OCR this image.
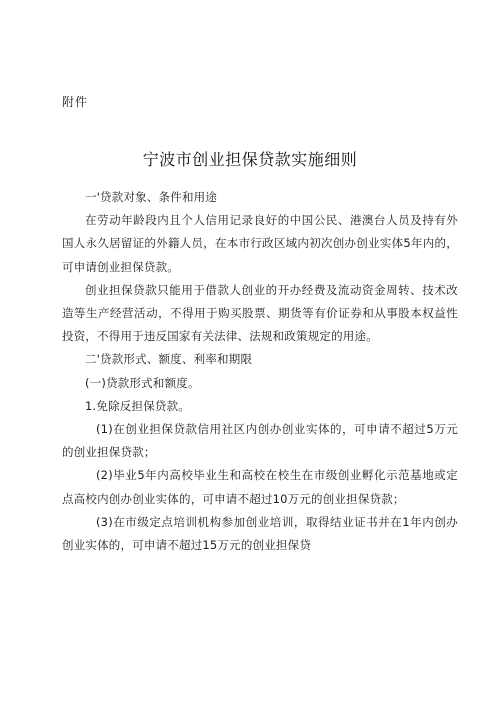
附件
宁波市创业担保贷款实施细则

一'贷款对象、条件和用途

在劳动年龄段内且个人信用记录良好的中国公民、港澳台人员及持有外国人永久居留证的外籍人员，在本市行政区域内初次创办创业实体5年内的，可申请创业担保贷款。

创业担保贷款只能用于借款人创业的开办经费及流动资金周转、技术改造等生产经营活动，不得用于购买股票、期货等有价证券和从事股本权益性投资，不得用于违反国家有关法律、法规和政策规定的用途。

二'贷款形式、额度、利率和期限

(一)贷款形式和额度。

1.免除反担保贷款。

(1)在创业担保贷款信用社区内创办创业实体的，可申请不超过5万元的创业担保贷款；

(2)毕业5年内高校毕业生和高校在校生在市级创业孵化示范基地或定点高校内创办创业实体的，可申请不超过10万元的创业担保贷款；

(3)在市级定点培训机构参加创业培训，取得结业证书并在1年内创办创业实体的，可申请不超过15万元的创业担保贷
